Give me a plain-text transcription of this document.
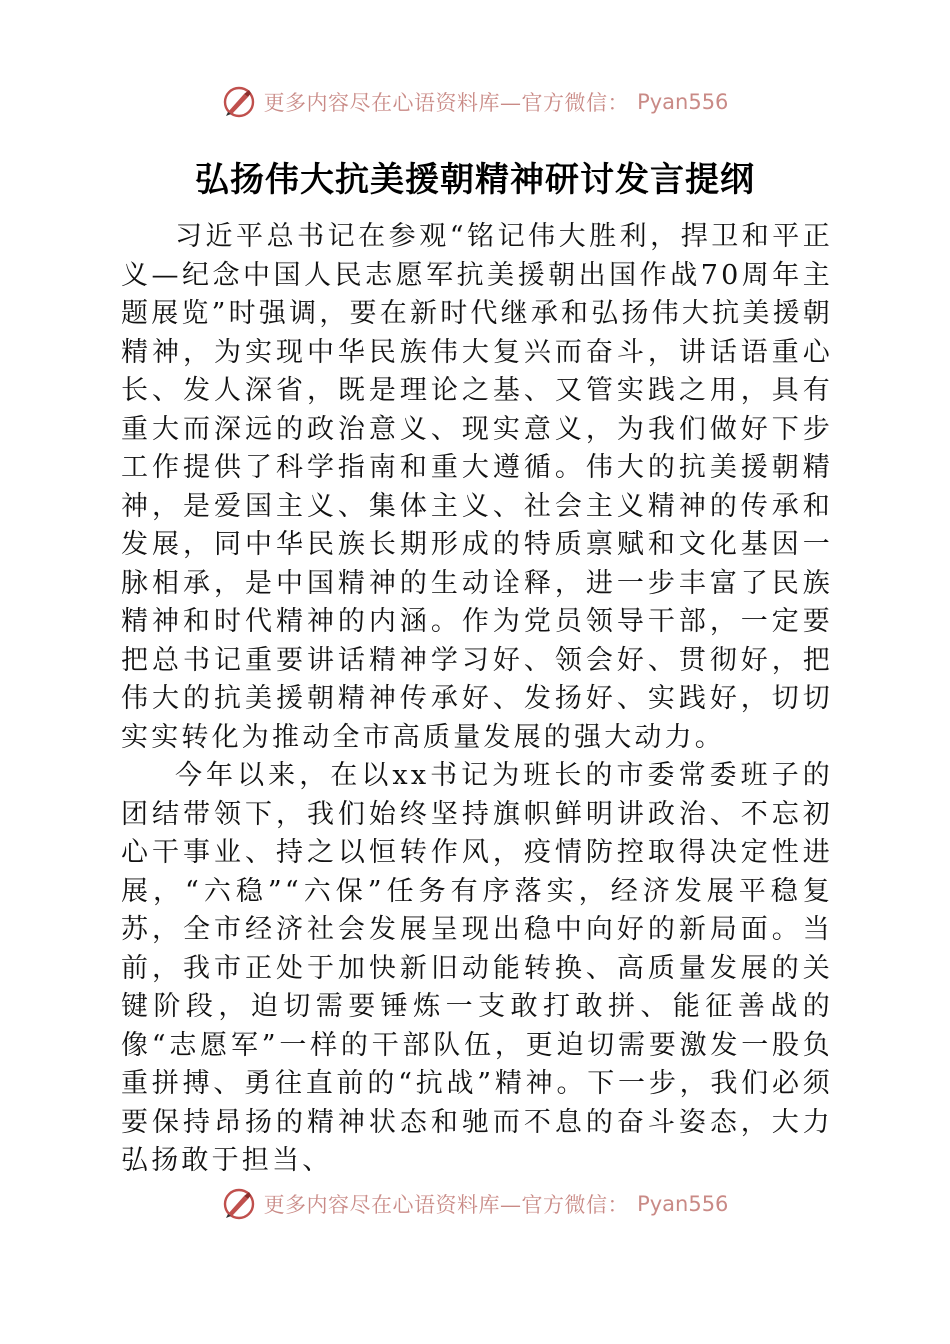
更多内容尽在心语资料库—官方微信： Pyan556
弘扬伟大抗美援朝精神研讨发言提纲

习近平总书记在参观“铭记伟大胜利，捍卫和平正义—纪念中国人民志愿军抗美援朝出国作战70周年主题展览”时强调，要在新时代继承和弘扬伟大抗美援朝精神，为实现中华民族伟大复兴而奋斗，讲话语重心长、发人深省，既是理论之基、又管实践之用，具有重大而深远的政治意义、现实意义，为我们做好下步工作提供了科学指南和重大遵循。伟大的抗美援朝精神，是爱国主义、集体主义、社会主义精神的传承和发展，同中华民族长期形成的特质禀赋和文化基因一脉相承，是中国精神的生动诠释，进一步丰富了民族精神和时代精神的内涵。作为党员领导干部，一定要把总书记重要讲话精神学习好、领会好、贯彻好，把伟大的抗美援朝精神传承好、发扬好、实践好，切切实实转化为推动全市高质量发展的强大动力。

今年以来，在以xx书记为班长的市委常委班子的团结带领下，我们始终坚持旗帜鲜明讲政治、不忘初心干事业、持之以恒转作风，疫情防控取得决定性进展，“六稳”“六保”任务有序落实，经济发展平稳复苏，全市经济社会发展呈现出稳中向好的新局面。当前，我市正处于加快新旧动能转换、高质量发展的关键阶段，迫切需要锤炼一支敢打敢拼、能征善战的像“志愿军”一样的干部队伍，更迫切需要激发一股负重拼搏、勇往直前的“抗战”精神。下一步，我们必须要保持昂扬的精神状态和驰而不息的奋斗姿态，大力弘扬敢于担当、

更多内容尽在心语资料库—官方微信： Pyan556
